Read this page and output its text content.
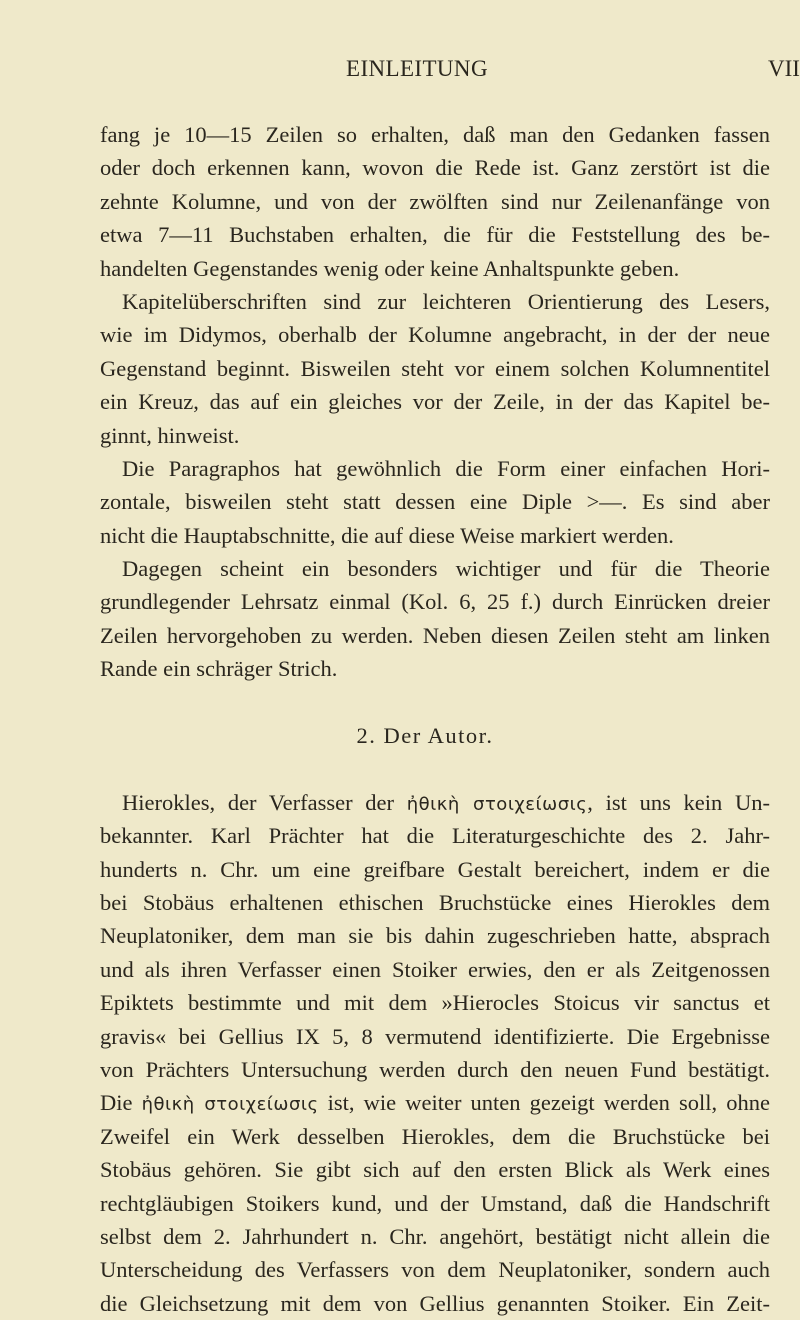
EINLEITUNG	VII
fang je 10—15 Zeilen so erhalten, daß man den Gedanken fassen
oder doch erkennen kann, wovon die Rede ist. Ganz zerstört ist die
zehnte Kolumne, und von der zwölften sind nur Zeilenanfänge von
etwa 7—11 Buchstaben erhalten, die für die Feststellung des be-
handelten Gegenstandes wenig oder keine Anhaltspunkte geben.
Kapitelüberschriften sind zur leichteren Orientierung des Lesers,
wie im Didymos, oberhalb der Kolumne angebracht, in der der neue
Gegenstand beginnt. Bisweilen steht vor einem solchen Kolumnentitel
ein Kreuz, das auf ein gleiches vor der Zeile, in der das Kapitel be-
ginnt, hinweist.
Die Paragraphos hat gewöhnlich die Form einer einfachen Hori-
zontale, bisweilen steht statt dessen eine Diple >—. Es sind aber
nicht die Hauptabschnitte, die auf diese Weise markiert werden.
Dagegen scheint ein besonders wichtiger und für die Theorie
grundlegender Lehrsatz einmal (Kol. 6, 25 f.) durch Einrücken dreier
Zeilen hervorgehoben zu werden. Neben diesen Zeilen steht am linken
Rande ein schräger Strich.
2. Der Autor.
Hierokles, der Verfasser der ἠθικὴ στοιχείωσις, ist uns kein Un-
bekannter. Karl Prächter hat die Literaturgeschichte des 2. Jahr-
hunderts n. Chr. um eine greifbare Gestalt bereichert, indem er die
bei Stobäus erhaltenen ethischen Bruchstücke eines Hierokles dem
Neuplatoniker, dem man sie bis dahin zugeschrieben hatte, absprach
und als ihren Verfasser einen Stoiker erwies, den er als Zeitgenossen
Epiktets bestimmte und mit dem »Hierocles Stoicus vir sanctus et
gravis« bei Gellius IX 5, 8 vermutend identifizierte. Die Ergebnisse
von Prächters Untersuchung werden durch den neuen Fund bestätigt.
Die ἠθικὴ στοιχείωσις ist, wie weiter unten gezeigt werden soll, ohne
Zweifel ein Werk desselben Hierokles, dem die Bruchstücke bei
Stobäus gehören. Sie gibt sich auf den ersten Blick als Werk eines
rechtgläubigen Stoikers kund, und der Umstand, daß die Handschrift
selbst dem 2. Jahrhundert n. Chr. angehört, bestätigt nicht allein die
Unterscheidung des Verfassers von dem Neuplatoniker, sondern auch
die Gleichsetzung mit dem von Gellius genannten Stoiker. Ein Zeit-
